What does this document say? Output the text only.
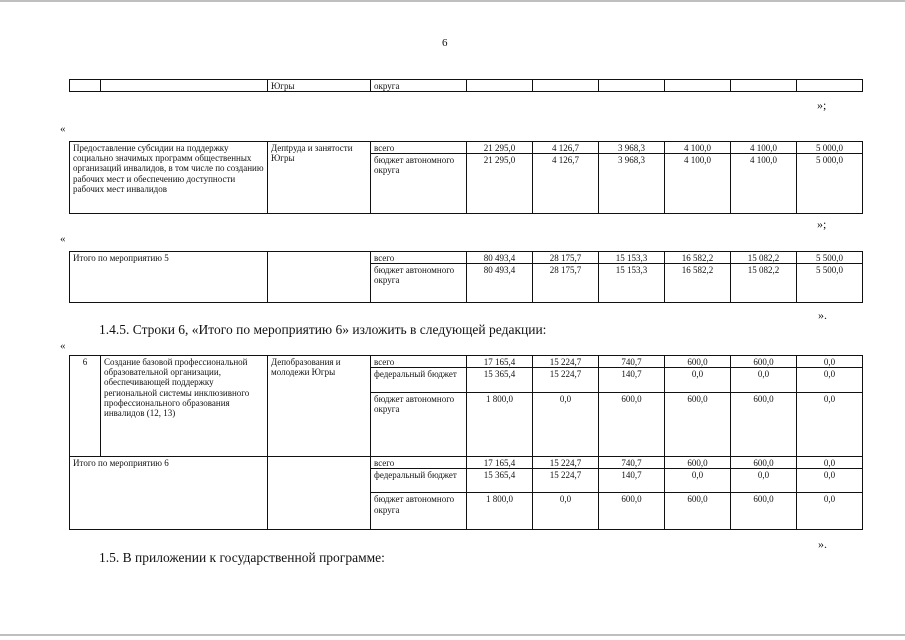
6
		Югры	округа						
»;
«
Предоставление субсидии на поддержку социально значимых программ общественных организаций инвалидов, в том числе по созданию рабочих мест и обеспечению доступности рабочих мест инвалидов	Депtруда и занятости Югры	всего	21 295,0	4 126,7	3 968,3	4 100,0	4 100,0	5 000,0
		бюджет автономного округа	21 295,0	4 126,7	3 968,3	4 100,0	4 100,0	5 000,0
»;
«
Итого по мероприятию 5		всего	80 493,4	28 175,7	15 153,3	16 582,2	15 082,2	5 500,0
		бюджет автономного округа	80 493,4	28 175,7	15 153,3	16 582,2	15 082,2	5 500,0
».
1.4.5. Строки 6, «Итого по мероприятию 6» изложить в следующей редакции:
«
6	Создание базовой профессиональной образовательной организации, обеспечивающей поддержку региональной системы инклюзивного профессионального образования инвалидов (12, 13)	Депобразования и молодежи Югры	всего	17 165,4	15 224,7	740,7	600,0	600,0	0,0
			федеральный бюджет	15 365,4	15 224,7	140,7	0,0	0,0	0,0
			бюджет автономного округа	1 800,0	0,0	600,0	600,0	600,0	0,0
Итого по мероприятию 6			всего	17 165,4	15 224,7	740,7	600,0	600,0	0,0
			федеральный бюджет	15 365,4	15 224,7	140,7	0,0	0,0	0,0
			бюджет автономного округа	1 800,0	0,0	600,0	600,0	600,0	0,0
».
1.5. В приложении к государственной программе:
